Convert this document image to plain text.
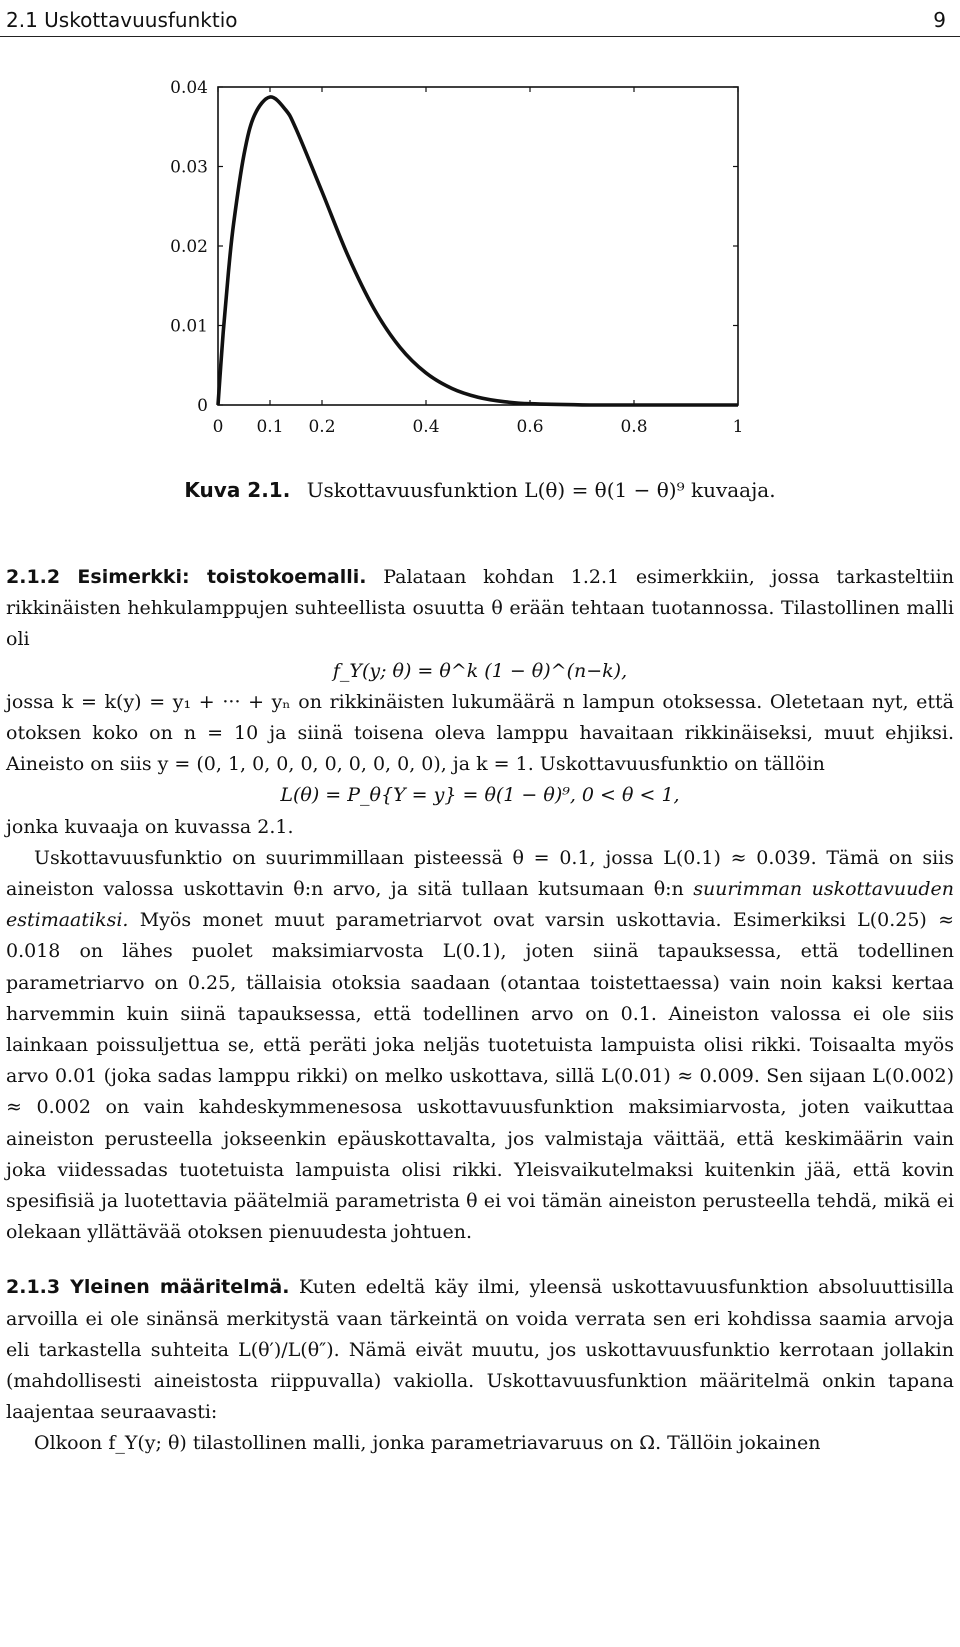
2.1 Uskottavuusfunktio	9
0 0.1 0.2	0.4	0.6	0.8	1
0
0.01
0.02
0.03
0.04
Kuva 2.1. Uskottavuusfunktion L(θ) = θ(1 − θ)⁹ kuvaaja.

2.1.2 Esimerkki: toistokoemalli. Palataan kohdan 1.2.1 esimerkkiin, jossa tarkasteltiin rikkinäisten hehkulamppujen suhteellista osuutta θ erään tehtaan tuotannossa. Tilastollinen malli oli

f_Y(y; θ) = θ^k (1 − θ)^(n−k),

jossa k = k(y) = y₁ + ··· + yₙ on rikkinäisten lukumäärä n lampun otoksessa. Oletetaan nyt, että otoksen koko on n = 10 ja siinä toisena oleva lamppu havaitaan rikkinäiseksi, muut ehjiksi. Aineisto on siis y = (0, 1, 0, 0, 0, 0, 0, 0, 0, 0), ja k = 1. Uskottavuusfunktio on tällöin

L(θ) = P_θ{Y = y} = θ(1 − θ)⁹, 0 < θ < 1,

jonka kuvaaja on kuvassa 2.1.

Uskottavuusfunktio on suurimmillaan pisteessä θ = 0.1, jossa L(0.1) ≈ 0.039. Tämä on siis aineiston valossa uskottavin θ:n arvo, ja sitä tullaan kutsumaan θ:n suurimman uskottavuuden estimaatiksi. Myös monet muut parametriarvot ovat varsin uskottavia. Esimerkiksi L(0.25) ≈ 0.018 on lähes puolet maksimiarvosta L(0.1), joten siinä tapauksessa, että todellinen parametriarvo on 0.25, tällaisia otoksia saadaan (otantaa toistettaessa) vain noin kaksi kertaa harvemmin kuin siinä tapauksessa, että todellinen arvo on 0.1. Aineiston valossa ei ole siis lainkaan poissuljettua se, että peräti joka neljäs tuotetuista lampuista olisi rikki. Toisaalta myös arvo 0.01 (joka sadas lamppu rikki) on melko uskottava, sillä L(0.01) ≈ 0.009. Sen sijaan L(0.002) ≈ 0.002 on vain kahdeskymmenesosa uskottavuusfunktion maksimiarvosta, joten vaikuttaa aineiston perusteella jokseenkin epäuskottavalta, jos valmistaja väittää, että keskimäärin vain joka viidessadas tuotetuista lampuista olisi rikki. Yleisvaikutelmaksi kuitenkin jää, että kovin spesifisiä ja luotettavia päätelmiä parametrista θ ei voi tämän aineiston perusteella tehdä, mikä ei olekaan yllättävää otoksen pienuudesta johtuen.

2.1.3 Yleinen määritelmä. Kuten edeltä käy ilmi, yleensä uskottavuusfunktion absoluuttisilla arvoilla ei ole sinänsä merkitystä vaan tärkeintä on voida verrata sen eri kohdissa saamia arvoja eli tarkastella suhteita L(θ′)/L(θ″). Nämä eivät muutu, jos uskottavuusfunktio kerrotaan jollakin (mahdollisesti aineistosta riippuvalla) vakiolla. Uskottavuusfunktion määritelmä onkin tapana laajentaa seuraavasti:

Olkoon f_Y(y; θ) tilastollinen malli, jonka parametriavaruus on Ω. Tällöin jokainen
